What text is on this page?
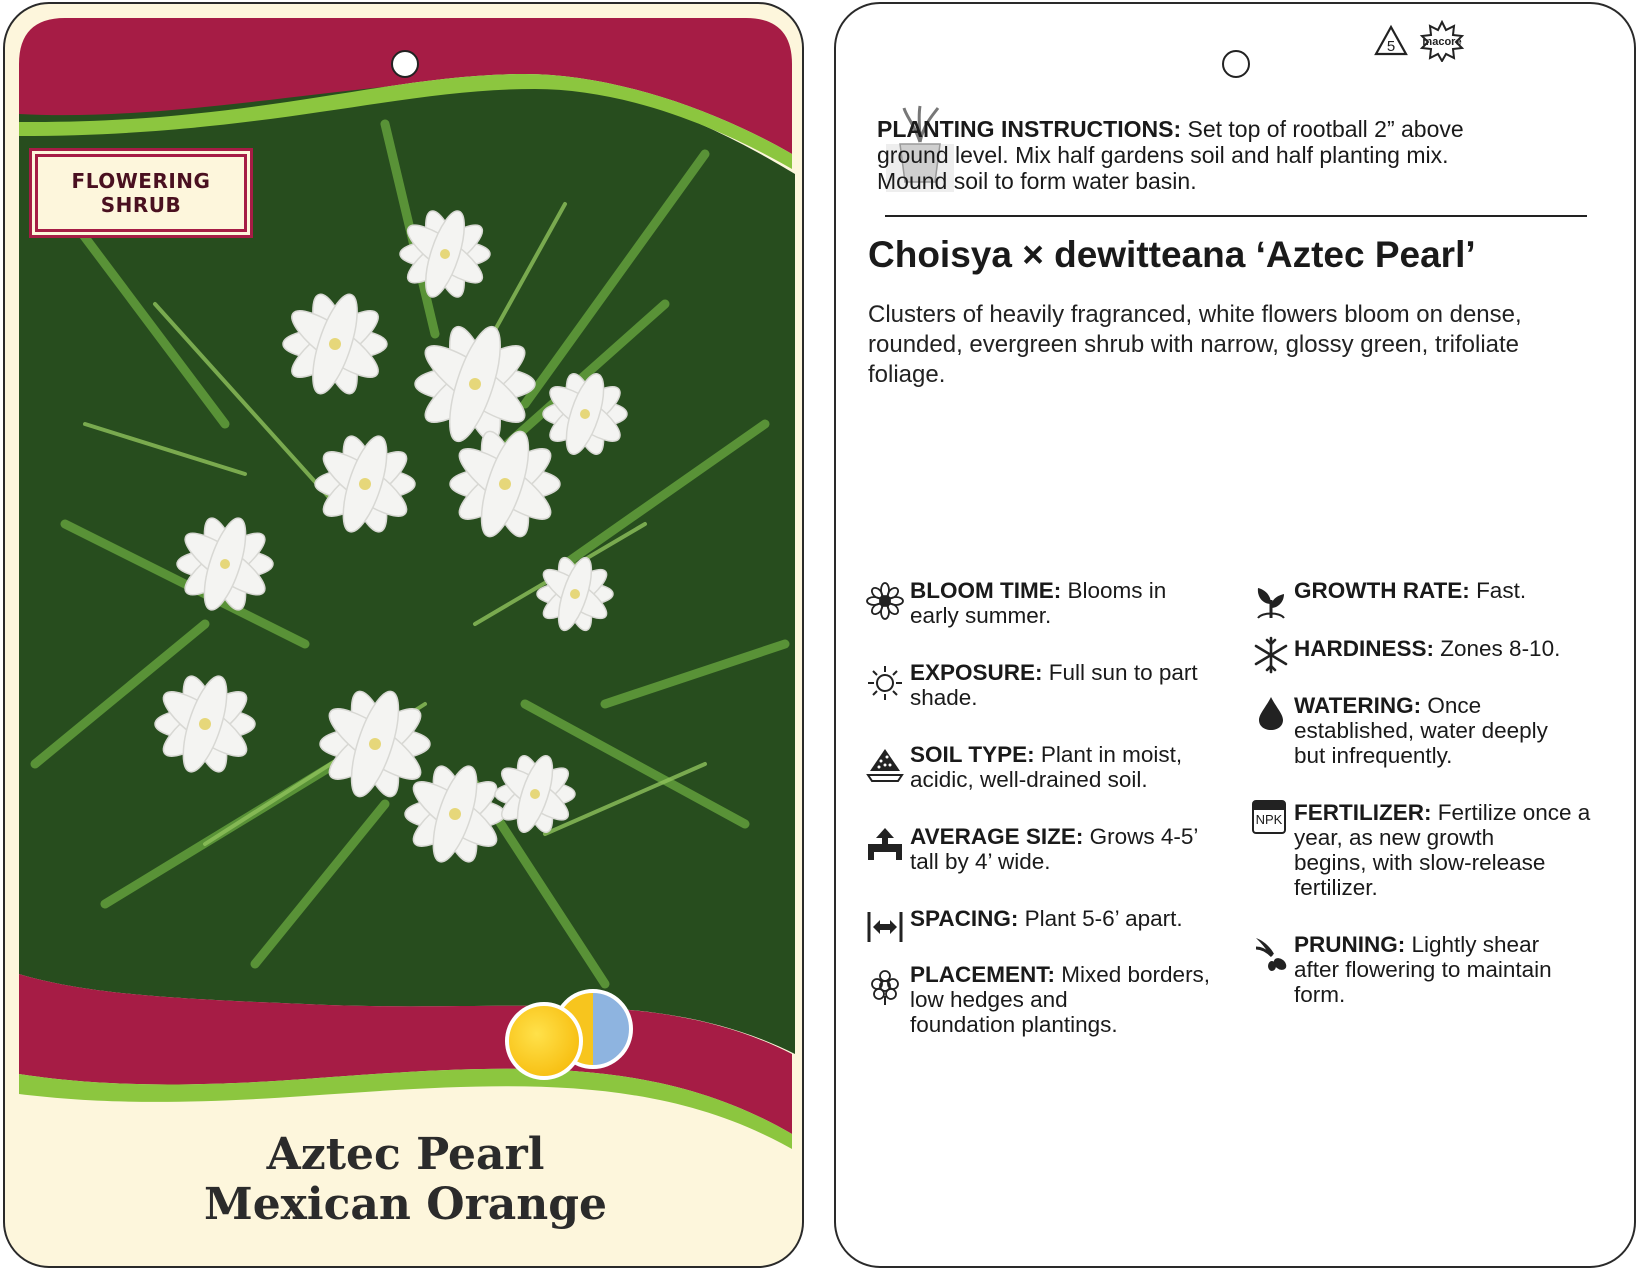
FLOWERING
SHRUB
Aztec Pearl
Mexican Orange
5 macore
PLANTING INSTRUCTIONS: Set top of rootball 2” above
ground level. Mix half gardens soil and half planting mix.
Mound soil to form water basin.
Choisya × dewitteana ‘Aztec Pearl’
Clusters of heavily fragranced, white flowers bloom on dense,
rounded, evergreen shrub with narrow, glossy green, trifoliate
foliage.
BLOOM TIME: Blooms in
early summer.
EXPOSURE: Full sun to part
shade.
SOIL TYPE: Plant in moist,
acidic, well-drained soil.
AVERAGE SIZE: Grows 4-5’
tall by 4’ wide.
SPACING: Plant 5-6’ apart.
PLACEMENT: Mixed borders,
low hedges and
foundation plantings.
GROWTH RATE: Fast.
HARDINESS: Zones 8-10.
WATERING: Once
established, water deeply
but infrequently.
NPK FERTILIZER: Fertilize once a
year, as new growth
begins, with slow-release
fertilizer.
PRUNING: Lightly shear
after flowering to maintain
form.
